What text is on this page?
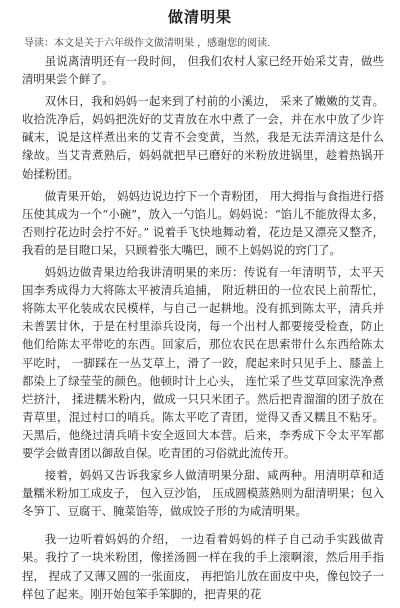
做清明果
导读：本文是关于六年级作文做清明果 ，感谢您的阅读．

虽说离清明还有一段时间， 但我们农村人家已经开始采艾青，做些清明果尝个鲜了。

双休日，我和妈妈一起来到了村前的小溪边， 采来了嫩嫩的艾青。收拾洗净后，妈妈把洗好的艾青放在水中煮了一会，并在水中放了少许碱末，说是这样煮出来的艾青不会变黄，当然，我是无法弄清这是什么缘故。当艾青煮熟后，妈妈就把早已磨好的米粉放进锅里，趁着热锅开始揉粉团。

做青果开始， 妈妈边说边拧下一个青粉团， 用大拇指与食指进行搭压使其成为一个“小碗”，放入一勺馅儿。妈妈说：“馅儿不能放得太多，否则拧花边时会拧不好。” 说着手飞快地舞动着，花边是又漂亮又整齐，我看的是目瞪口呆，只顾着张大嘴巴，顾不上妈妈说的窍门了。

妈妈边做青果边给我讲清明果的来历：传说有一年清明节，太平天国李秀成得力大将陈太平被清兵追捕， 附近耕田的一位农民上前帮忙，将陈太平化装成农民模样，与自己一起耕地。没有抓到陈太平，清兵并未善罢甘休，于是在村里添兵设岗，每一个出村人都要接受检查，防止他们给陈太平带吃的东西。回家后，那位农民在思索带什么东西给陈太平吃时， 一脚踩在一丛艾草上，滑了一跤，爬起来时只见手上、膝盖上都染上了绿莹莹的颜色。他顿时计上心头， 连忙采了些艾草回家洗净煮烂挤汁， 揉进糯米粉内，做成一只只米团子。然后把青溜溜的团子放在青草里，混过村口的哨兵。陈太平吃了青团，觉得又香又糯且不粘牙。天黑后，他绕过清兵哨卡安全返回大本营。后来，李秀成下令太平军都要学会做青团以御敌自保。吃青团的习俗就此流传开。

接着，妈妈又告诉我家乡人做清明果分甜、咸两种。用清明草和适量糯米粉加工成皮子， 包入豆沙馅， 压成圆模蒸熟则为甜清明果；包入冬笋丁、豆腐干、腌菜馅等，做成饺子形的为咸清明果。

我一边听着妈妈的介绍， 一边看着妈妈的样子自己动手实践做青果。我拧了一块米粉团，像搓汤圆一样在我的手上滚啊滚，然后用手指捏， 捏成了又薄又圆的一张面皮， 再把馅儿放在面皮中央，像包饺子一样包了起来。刚开始包笨手笨脚的，把青果的花
